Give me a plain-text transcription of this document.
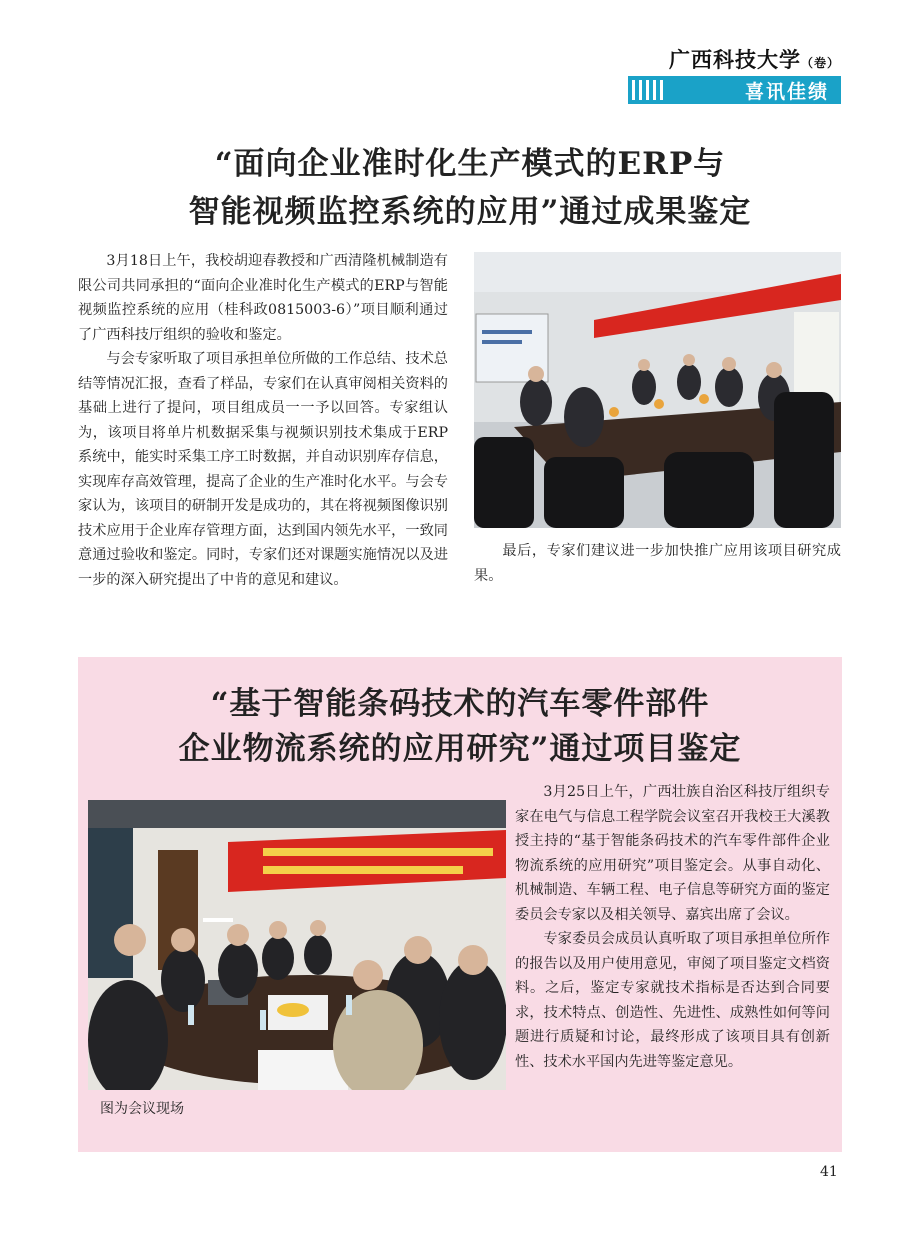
广西科技大学（卷）
喜讯佳绩
“面向企业准时化生产模式的ERP与
智能视频监控系统的应用”通过成果鉴定

3月18日上午，我校胡迎春教授和广西清隆机械制造有限公司共同承担的“面向企业准时化生产模式的ERP与智能视频监控系统的应用（桂科政0815003-6）”项目顺利通过了广西科技厅组织的验收和鉴定。

与会专家听取了项目承担单位所做的工作总结、技术总结等情况汇报，查看了样品，专家们在认真审阅相关资料的基础上进行了提问，项目组成员一一予以回答。专家组认为，该项目将单片机数据采集与视频识别技术集成于ERP系统中，能实时采集工序工时数据，并自动识别库存信息，实现库存高效管理，提高了企业的生产准时化水平。与会专家认为，该项目的研制开发是成功的，其在将视频图像识别技术应用于企业库存管理方面，达到国内领先水平，一致同意通过验收和鉴定。同时，专家们还对课题实施情况以及进一步的深入研究提出了中肯的意见和建议。

最后，专家们建议进一步加快推广应用该项目研究成果。

“基于智能条码技术的汽车零件部件
企业物流系统的应用研究”通过项目鉴定
图为会议现场

3月25日上午，广西壮族自治区科技厅组织专家在电气与信息工程学院会议室召开我校王大溪教授主持的“基于智能条码技术的汽车零件部件企业物流系统的应用研究”项目鉴定会。从事自动化、机械制造、车辆工程、电子信息等研究方面的鉴定委员会专家以及相关领导、嘉宾出席了会议。

专家委员会成员认真听取了项目承担单位所作的报告以及用户使用意见，审阅了项目鉴定文档资料。之后，鉴定专家就技术指标是否达到合同要求，技术特点、创造性、先进性、成熟性如何等问题进行质疑和讨论，最终形成了该项目具有创新性、技术水平国内先进等鉴定意见。

41
